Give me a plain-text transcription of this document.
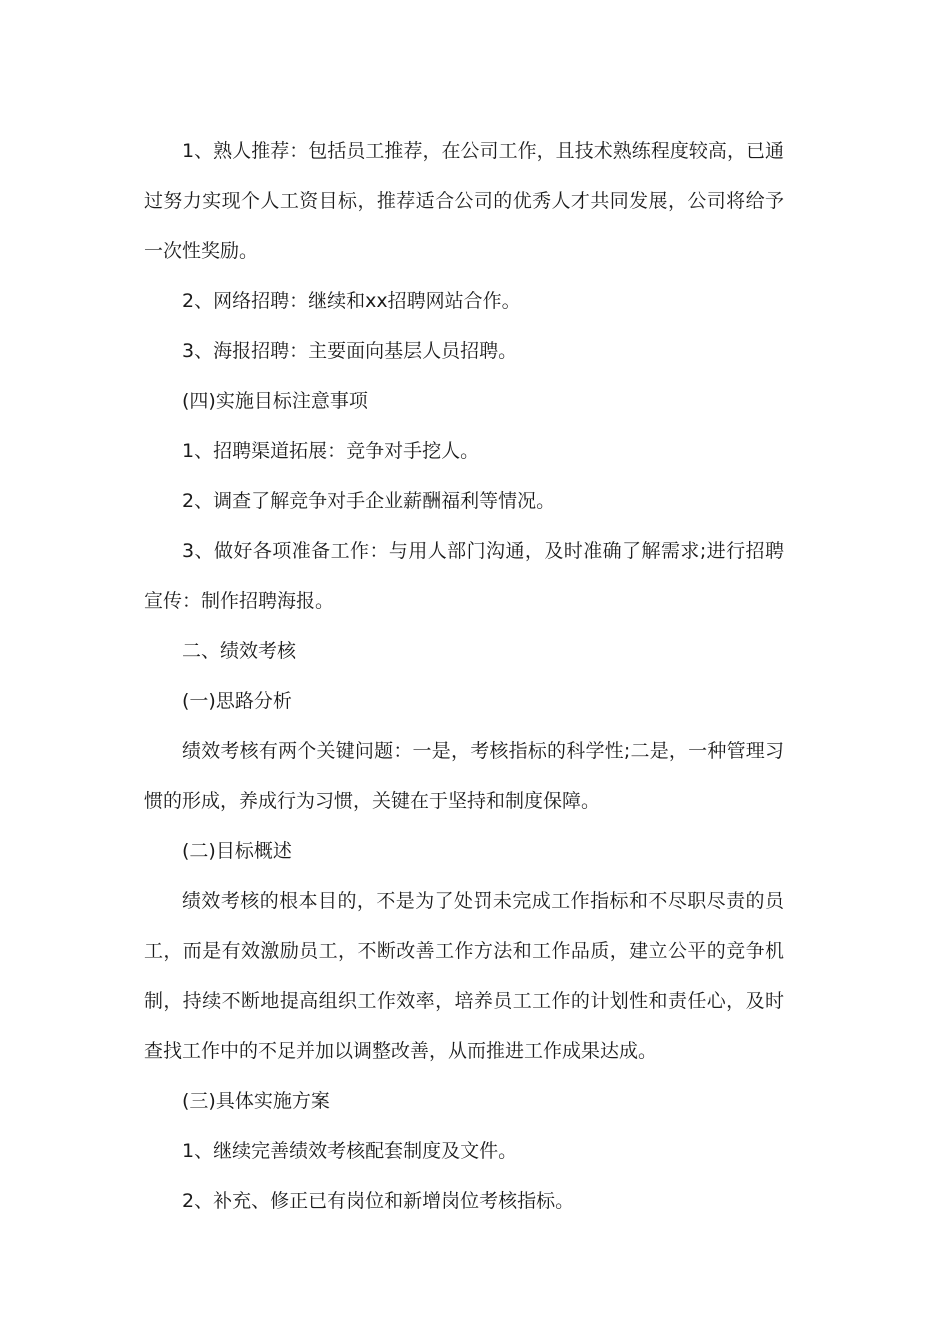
1、熟人推荐：包括员工推荐，在公司工作，且技术熟练程度较高，已通过努力实现个人工资目标，推荐适合公司的优秀人才共同发展，公司将给予一次性奖励。

2、网络招聘：继续和xx招聘网站合作。

3、海报招聘：主要面向基层人员招聘。

(四)实施目标注意事项

1、招聘渠道拓展：竞争对手挖人。

2、调查了解竞争对手企业薪酬福利等情况。

3、做好各项准备工作：与用人部门沟通，及时准确了解需求;进行招聘宣传：制作招聘海报。

二、绩效考核

(一)思路分析

绩效考核有两个关键问题：一是，考核指标的科学性;二是，一种管理习惯的形成，养成行为习惯，关键在于坚持和制度保障。

(二)目标概述

绩效考核的根本目的，不是为了处罚未完成工作指标和不尽职尽责的员工，而是有效激励员工，不断改善工作方法和工作品质，建立公平的竞争机制，持续不断地提高组织工作效率，培养员工工作的计划性和责任心，及时查找工作中的不足并加以调整改善，从而推进工作成果达成。

(三)具体实施方案

1、继续完善绩效考核配套制度及文件。

2、补充、修正已有岗位和新增岗位考核指标。
